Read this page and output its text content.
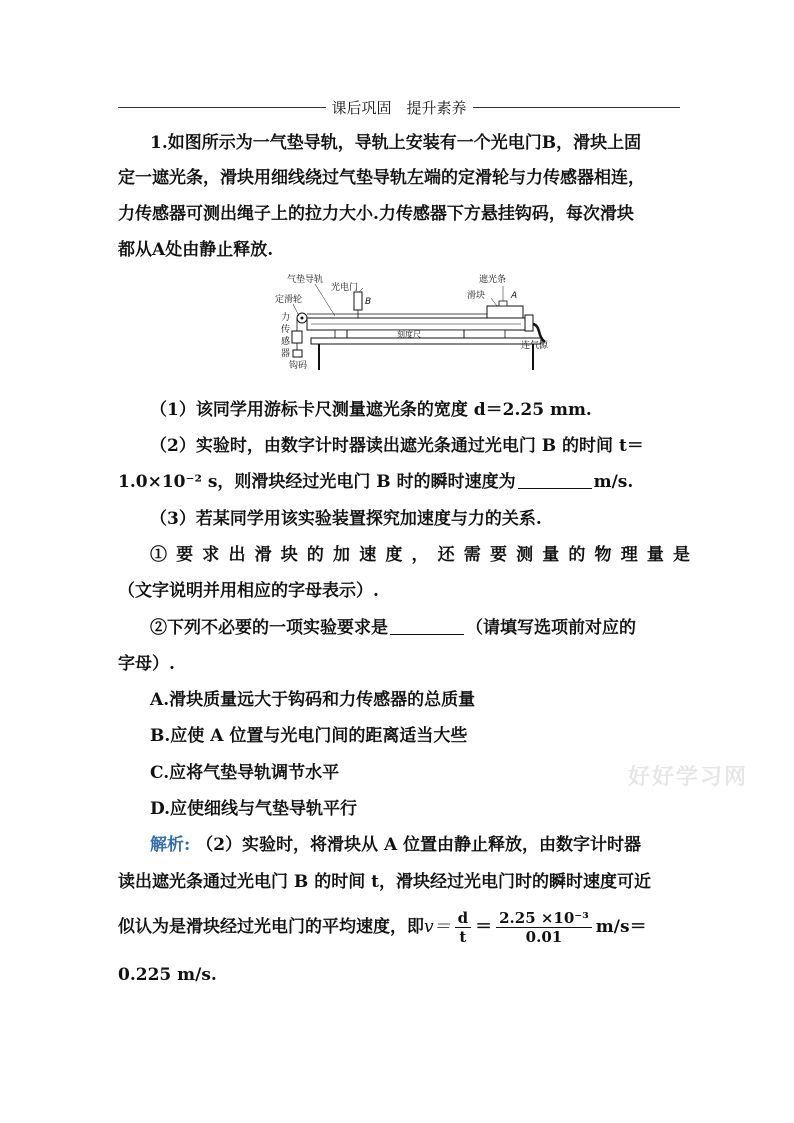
课后巩固　提升素养
1.如图所示为一气垫导轨，导轨上安装有一个光电门B，滑块上固
定一遮光条，滑块用细线绕过气垫导轨左端的定滑轮与力传感器相连，
力传感器可测出绳子上的拉力大小.力传感器下方悬挂钩码，每次滑块
都从A处由静止释放.
气垫导轨
光电门
B
定滑轮
遮光条
滑块	A
力
传
感
器
钩码
刻度尺
连气源
（1）该同学用游标卡尺测量遮光条的宽度 d＝2.25 mm.
（2）实验时，由数字计时器读出遮光条通过光电门 B 的时间 t＝
1.0×10⁻² s，则滑块经过光电门 B 时的瞬时速度为	m/s.
（3）若某同学用该实验装置探究加速度与力的关系.
①要求出滑块的加速度，还需要测量的物理量是
（文字说明并用相应的字母表示）.
②下列不必要的一项实验要求是	（请填写选项前对应的
字母）.
A.滑块质量远大于钩码和力传感器的总质量
B.应使 A 位置与光电门间的距离适当大些
C.应将气垫导轨调节水平
D.应使细线与气垫导轨平行
好好学习网
解析: （2）实验时，将滑块从 A 位置由静止释放，由数字计时器
读出遮光条通过光电门 B 的时间 t，滑块经过光电门时的瞬时速度可近
似认为是滑块经过光电门的平均速度，即 $v= \frac{d}{t} = \frac{\text{2.25 ×10⁻³}}{0.01} m/s=$
0.225 m/s.
